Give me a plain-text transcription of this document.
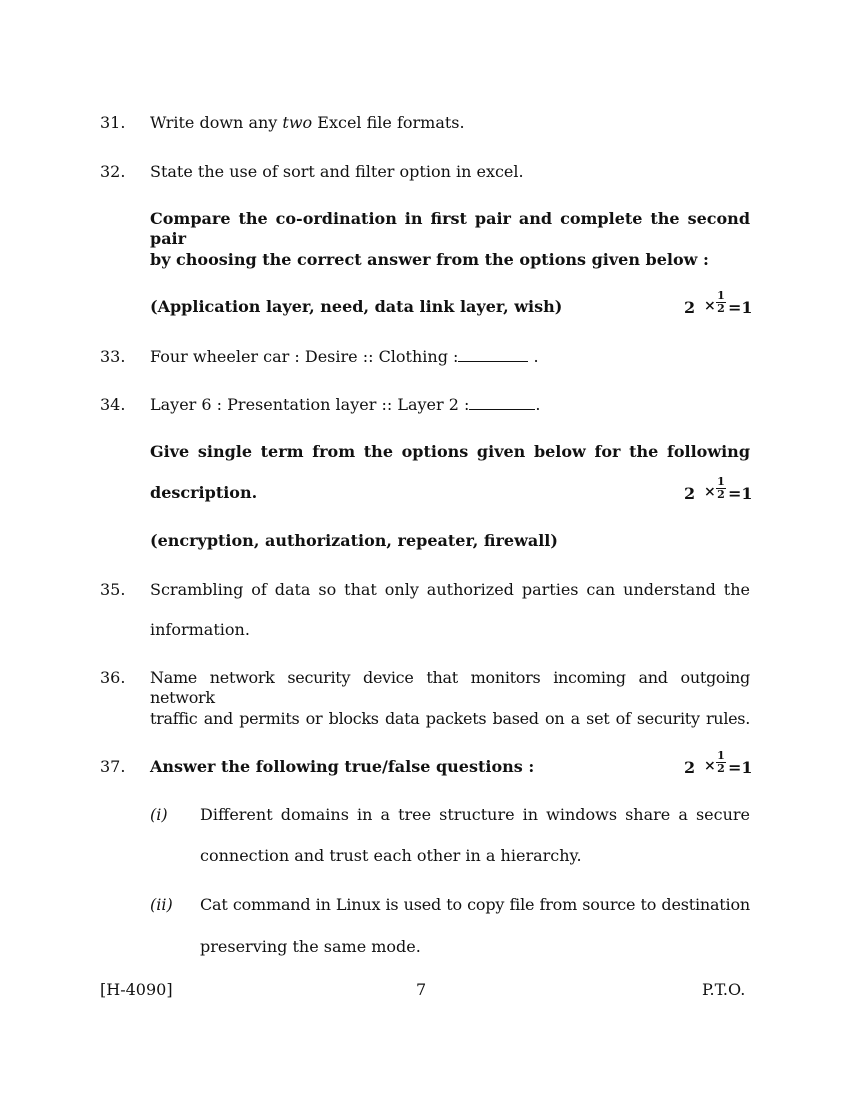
31. Write down any two Excel file formats.
32. State the use of sort and filter option in excel.
Compare the co-ordination in first pair and complete the second pair
by choosing the correct answer from the options given below :
(Application layer, need, data link layer, wish)	$2 \times \frac{1}{2} =1$
33. Four wheeler car : Desire :: Clothing :	.
34. Layer 6 : Presentation layer :: Layer 2 :	.
Give single term from the options given below for the following
description.	$2 \times \frac{1}{2} =1$
(encryption, authorization, repeater, firewall)
35. Scrambling of data so that only authorized parties can understand the
information.
36. Name network security device that monitors incoming and outgoing network
traffic and permits or blocks data packets based on a set of security rules.
37. Answer the following true/false questions :	$2 \times \frac{1}{2} =1$
(i) Different domains in a tree structure in windows share a secure
connection and trust each other in a hierarchy.
(ii) Cat command in Linux is used to copy file from source to destination
preserving the same mode.
[H-4090]	7	P.T.O.
